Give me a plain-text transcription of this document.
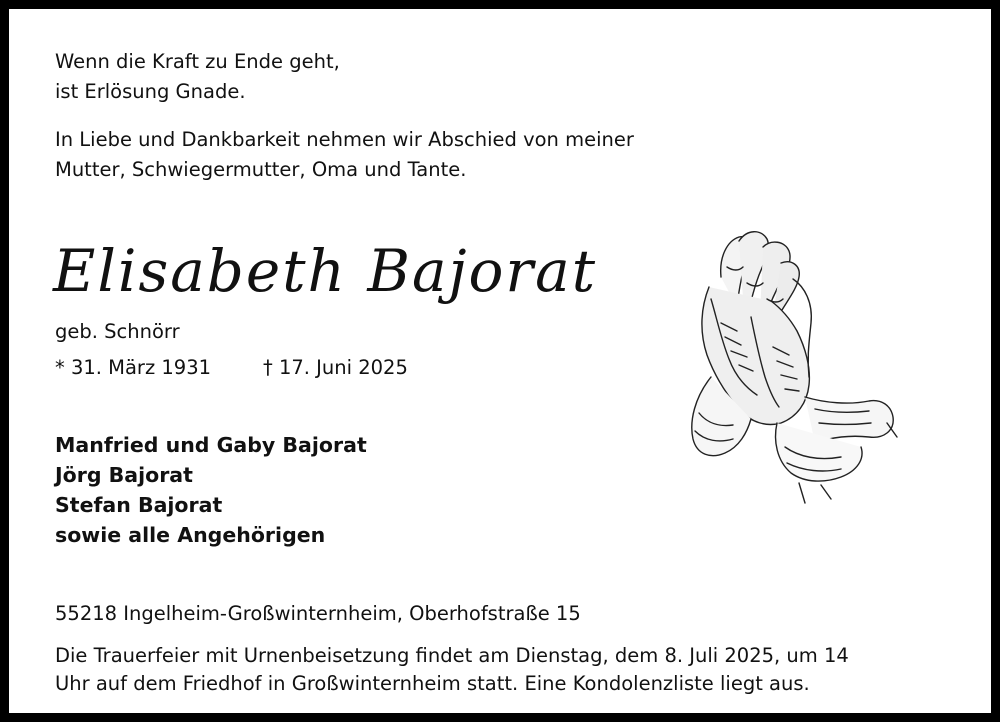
Wenn die Kraft zu Ende geht,
ist Erlösung Gnade.
In Liebe und Dankbarkeit nehmen wir Abschied von meiner
Mutter, Schwiegermutter, Oma und Tante.
Elisabeth Bajorat
geb. Schnörr
* 31. März 1931	† 17. Juni 2025
Manfried und Gaby Bajorat
Jörg Bajorat
Stefan Bajorat
sowie alle Angehörigen
55218 Ingelheim-Großwinternheim, Oberhofstraße 15
Die Trauerfeier mit Urnenbeisetzung findet am Dienstag, dem 8. Juli 2025, um 14
Uhr auf dem Friedhof in Großwinternheim statt. Eine Kondolenzliste liegt aus.
